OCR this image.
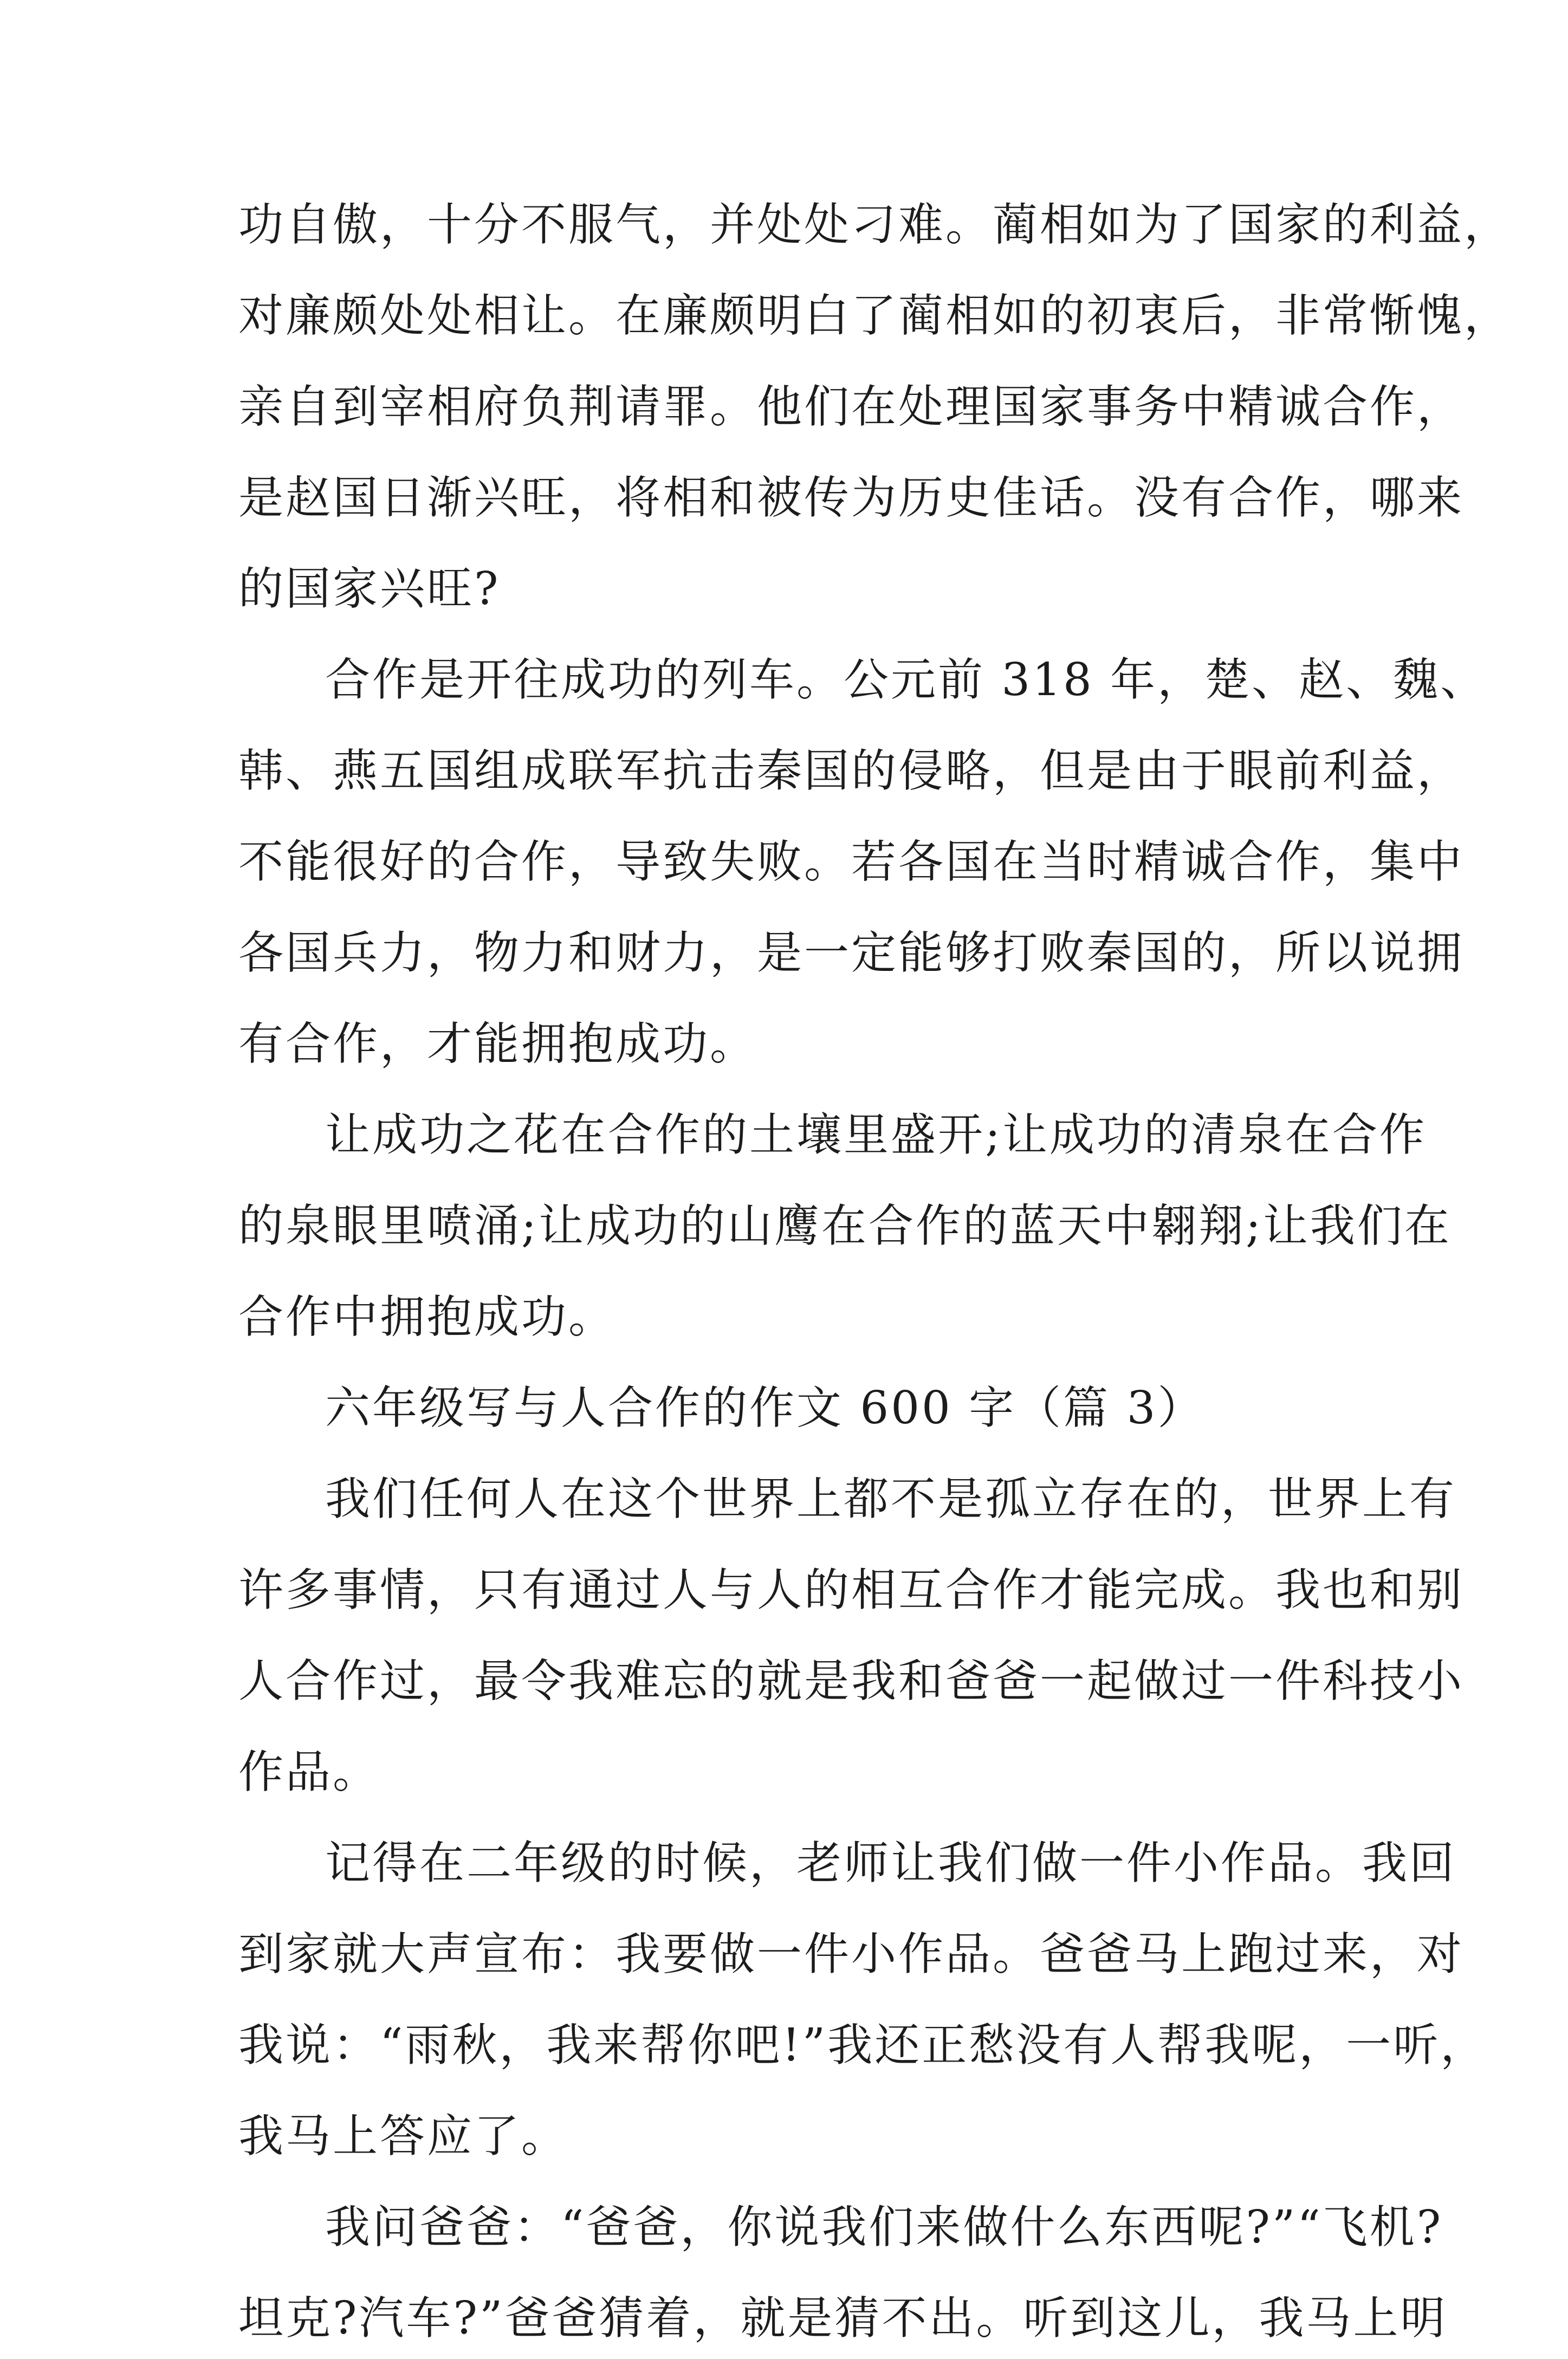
功自傲，十分不服气，并处处刁难。蔺相如为了国家的利益，
对廉颇处处相让。在廉颇明白了蔺相如的初衷后，非常惭愧，
亲自到宰相府负荆请罪。他们在处理国家事务中精诚合作，
是赵国日渐兴旺，将相和被传为历史佳话。没有合作，哪来
的国家兴旺?
合作是开往成功的列车。公元前 318 年，楚、赵、魏、
韩、燕五国组成联军抗击秦国的侵略，但是由于眼前利益，
不能很好的合作，导致失败。若各国在当时精诚合作，集中
各国兵力，物力和财力，是一定能够打败秦国的，所以说拥
有合作，才能拥抱成功。
让成功之花在合作的土壤里盛开;让成功的清泉在合作
的泉眼里喷涌;让成功的山鹰在合作的蓝天中翱翔;让我们在
合作中拥抱成功。
六年级写与人合作的作文 600 字（篇 3）
我们任何人在这个世界上都不是孤立存在的，世界上有
许多事情，只有通过人与人的相互合作才能完成。我也和别
人合作过，最令我难忘的就是我和爸爸一起做过一件科技小
作品。
记得在二年级的时候，老师让我们做一件小作品。我回
到家就大声宣布：我要做一件小作品。爸爸马上跑过来，对
我说：“雨秋，我来帮你吧!”我还正愁没有人帮我呢，一听，
我马上答应了。
我问爸爸：“爸爸，你说我们来做什么东西呢?”“飞机?
坦克?汽车?”爸爸猜着，就是猜不出。听到这儿，我马上明
